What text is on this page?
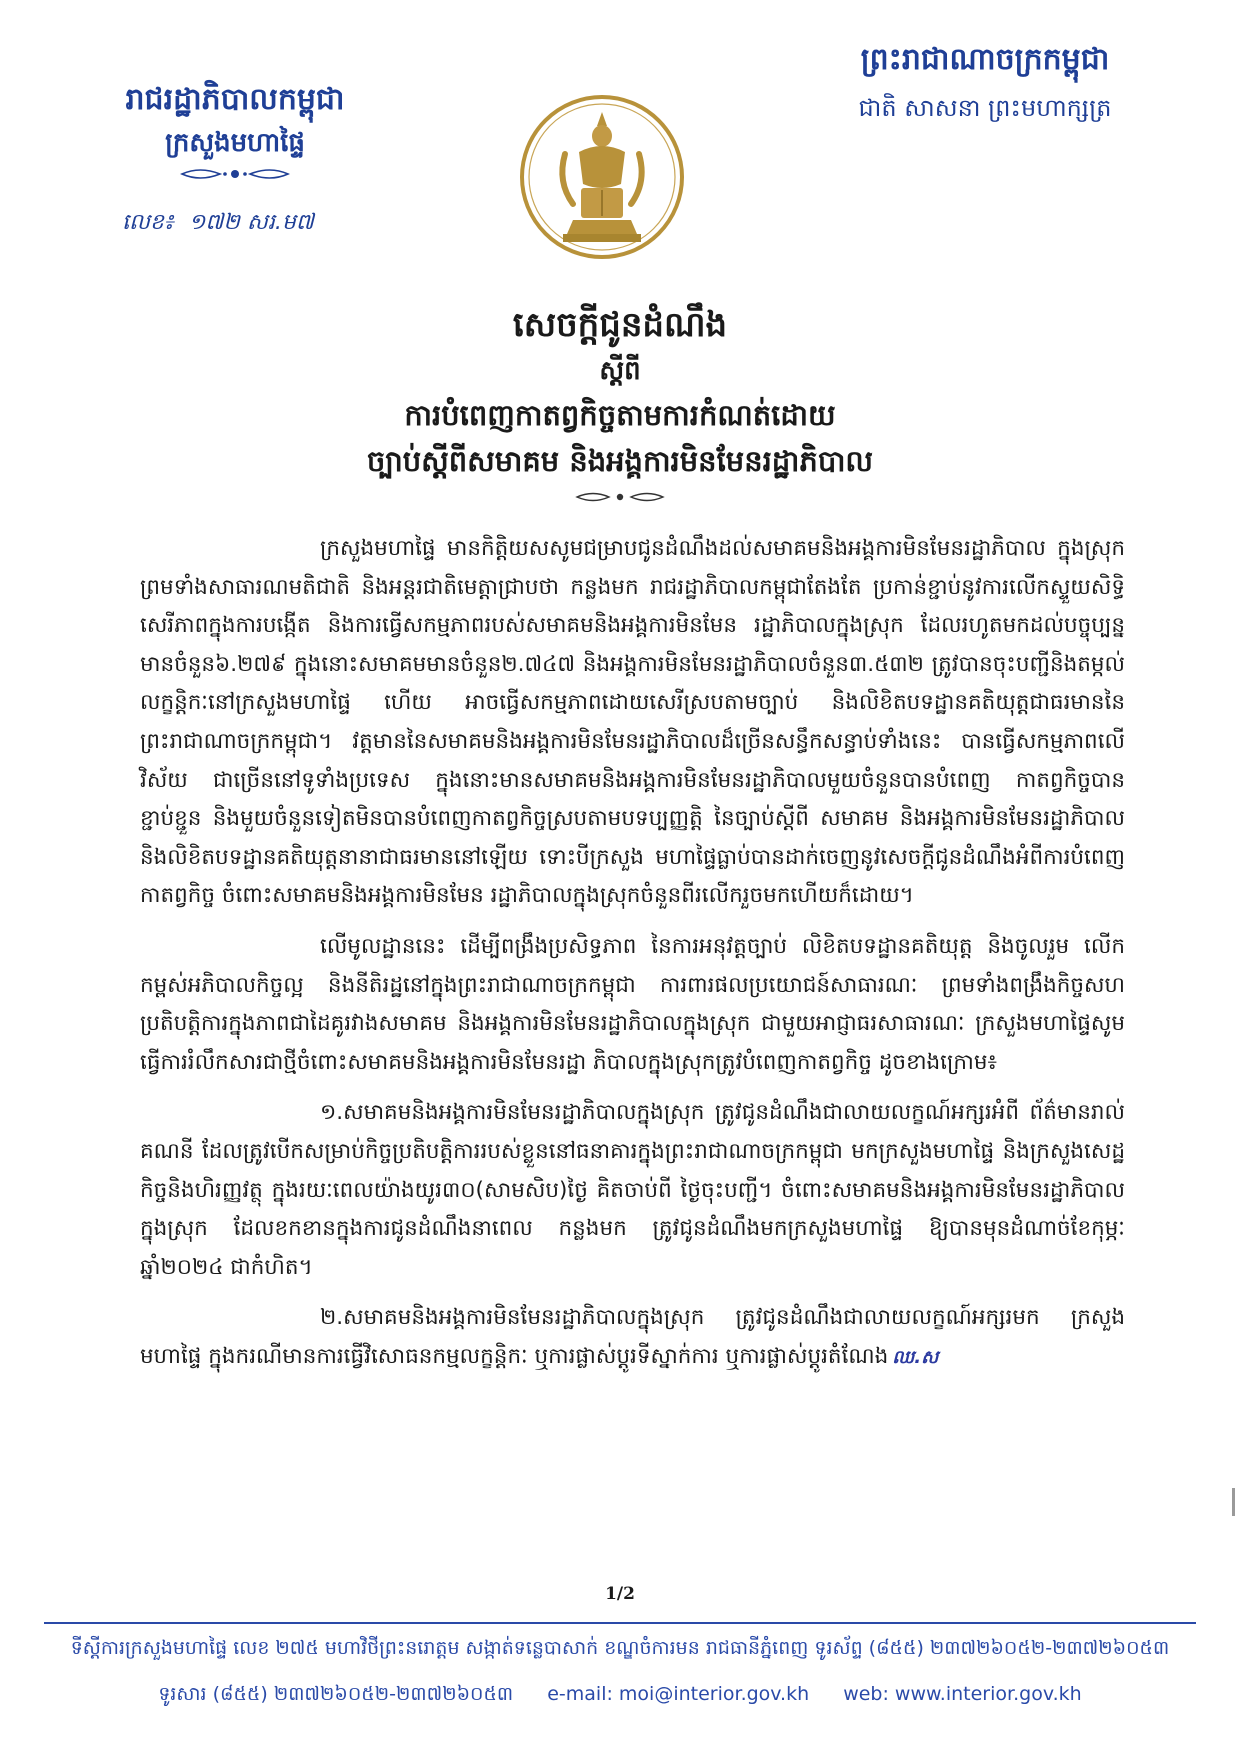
រាជរដ្ឋាភិបាលកម្ពុជា
ក្រសួងមហាផ្ទៃ
លេខ៖ ១៧២ សរ.ម៧
ព្រះរាជាណាចក្រកម្ពុជា
ជាតិ សាសនា ព្រះមហាក្សត្រ
សេចក្ដីជូនដំណឹង
ស្ដីពី
ការបំពេញកាតព្វកិច្ចតាមការកំណត់ដោយ
ច្បាប់ស្ដីពីសមាគម និងអង្គការមិនមែនរដ្ឋាភិបាល

ក្រសួងមហាផ្ទៃ មានកិត្តិយសសូមជម្រាបជូនដំណឹងដល់សមាគមនិងអង្គការមិនមែនរដ្ឋាភិបាល ក្នុងស្រុក ព្រមទាំងសាធារណមតិជាតិ និងអន្តរជាតិមេត្តាជ្រាបថា កន្លងមក រាជរដ្ឋាភិបាលកម្ពុជាតែងតែ ប្រកាន់ខ្ជាប់នូវការលើកស្ទួយសិទ្ធិសេរីភាពក្នុងការបង្កើត និងការធ្វើសកម្មភាពរបស់សមាគមនិងអង្គការមិនមែន រដ្ឋាភិបាលក្នុងស្រុក ដែលរហូតមកដល់បច្ចុប្បន្នមានចំនួន៦.២៧៩ ក្នុងនោះសមាគមមានចំនួន២.៧៤៧ និងអង្គការមិនមែនរដ្ឋាភិបាលចំនួន៣.៥៣២ ត្រូវបានចុះបញ្ជីនិងតម្កល់លក្ខន្តិកៈនៅក្រសួងមហាផ្ទៃ ហើយ អាចធ្វើសកម្មភាពដោយសេរីស្របតាមច្បាប់ និងលិខិតបទដ្ឋានគតិយុត្តជាធរមាននៃព្រះរាជាណាចក្រកម្ពុជា។ វត្តមាននៃសមាគមនិងអង្គការមិនមែនរដ្ឋាភិបាលដ៏ច្រើនសន្ធឹកសន្ធាប់ទាំងនេះ បានធ្វើសកម្មភាពលើវិស័យ ជាច្រើននៅទូទាំងប្រទេស ក្នុងនោះមានសមាគមនិងអង្គការមិនមែនរដ្ឋាភិបាលមួយចំនួនបានបំពេញ កាតព្វកិច្ចបានខ្ជាប់ខ្ជួន និងមួយចំនួនទៀតមិនបានបំពេញកាតព្វកិច្ចស្របតាមបទប្បញ្ញត្តិ នៃច្បាប់ស្ដីពី សមាគម និងអង្គការមិនមែនរដ្ឋាភិបាល និងលិខិតបទដ្ឋានគតិយុត្តនានាជាធរមាននៅឡើយ ទោះបីក្រសួង មហាផ្ទៃធ្លាប់បានដាក់ចេញនូវសេចក្ដីជូនដំណឹងអំពីការបំពេញកាតព្វកិច្ច ចំពោះសមាគមនិងអង្គការមិនមែន រដ្ឋាភិបាលក្នុងស្រុកចំនួនពីរលើករួចមកហើយក៏ដោយ។

លើមូលដ្ឋាននេះ ដើម្បីពង្រឹងប្រសិទ្ធភាព នៃការអនុវត្តច្បាប់ លិខិតបទដ្ឋានគតិយុត្ត និងចូលរួម លើកកម្ពស់អភិបាលកិច្ចល្អ និងនីតិរដ្ឋនៅក្នុងព្រះរាជាណាចក្រកម្ពុជា ការពារផលប្រយោជន៍សាធារណៈ ព្រមទាំងពង្រឹងកិច្ចសហប្រតិបត្តិការក្នុងភាពជាដៃគូរវាងសមាគម និងអង្គការមិនមែនរដ្ឋាភិបាលក្នុងស្រុក ជាមួយអាជ្ញាធរសាធារណៈ ក្រសួងមហាផ្ទៃសូមធ្វើការរំលឹកសារជាថ្មីចំពោះសមាគមនិងអង្គការមិនមែនរដ្ឋា ភិបាលក្នុងស្រុកត្រូវបំពេញកាតព្វកិច្ច ដូចខាងក្រោម៖

១.សមាគមនិងអង្គការមិនមែនរដ្ឋាភិបាលក្នុងស្រុក ត្រូវជូនដំណឹងជាលាយលក្ខណ៍អក្សរអំពី ព័ត៌មានរាល់គណនី ដែលត្រូវបើកសម្រាប់កិច្ចប្រតិបត្តិការរបស់ខ្លួននៅធនាគារក្នុងព្រះរាជាណាចក្រកម្ពុជា មកក្រសួងមហាផ្ទៃ និងក្រសួងសេដ្ឋកិច្ចនិងហិរញ្ញវត្ថុ ក្នុងរយៈពេលយ៉ាងយូរ៣០(សាមសិប)ថ្ងៃ គិតចាប់ពី ថ្ងៃចុះបញ្ជី។ ចំពោះសមាគមនិងអង្គការមិនមែនរដ្ឋាភិបាលក្នុងស្រុក ដែលខកខានក្នុងការជូនដំណឹងនាពេល កន្លងមក ត្រូវជូនដំណឹងមកក្រសួងមហាផ្ទៃ ឱ្យបានមុនដំណាច់ខែកុម្ភៈ ឆ្នាំ២០២៤ ជាកំហិត។

២.សមាគមនិងអង្គការមិនមែនរដ្ឋាភិបាលក្នុងស្រុក ត្រូវជូនដំណឹងជាលាយលក្ខណ៍អក្សរមក ក្រសួងមហាផ្ទៃ ក្នុងករណីមានការធ្វើវិសោធនកម្មលក្ខន្តិកៈ ឬការផ្លាស់ប្ដូរទីស្នាក់ការ ឬការផ្លាស់ប្ដូរតំណែង ឈ.ស

1/2
ទីស្ដីការក្រសួងមហាផ្ទៃ លេខ ២៧៥ មហាវិថីព្រះនរោត្តម សង្កាត់ទន្លេបាសាក់ ខណ្ឌចំការមន រាជធានីភ្នំពេញ ទូរស័ព្ទ (៨៥៥) ២៣៧២៦០៥២-២៣៧២៦០៥៣
ទូរសារ (៨៥៥) ២៣៧២៦០៥២-២៣៧២៦០៥៣ e-mail: moi@interior.gov.kh web: www.interior.gov.kh
